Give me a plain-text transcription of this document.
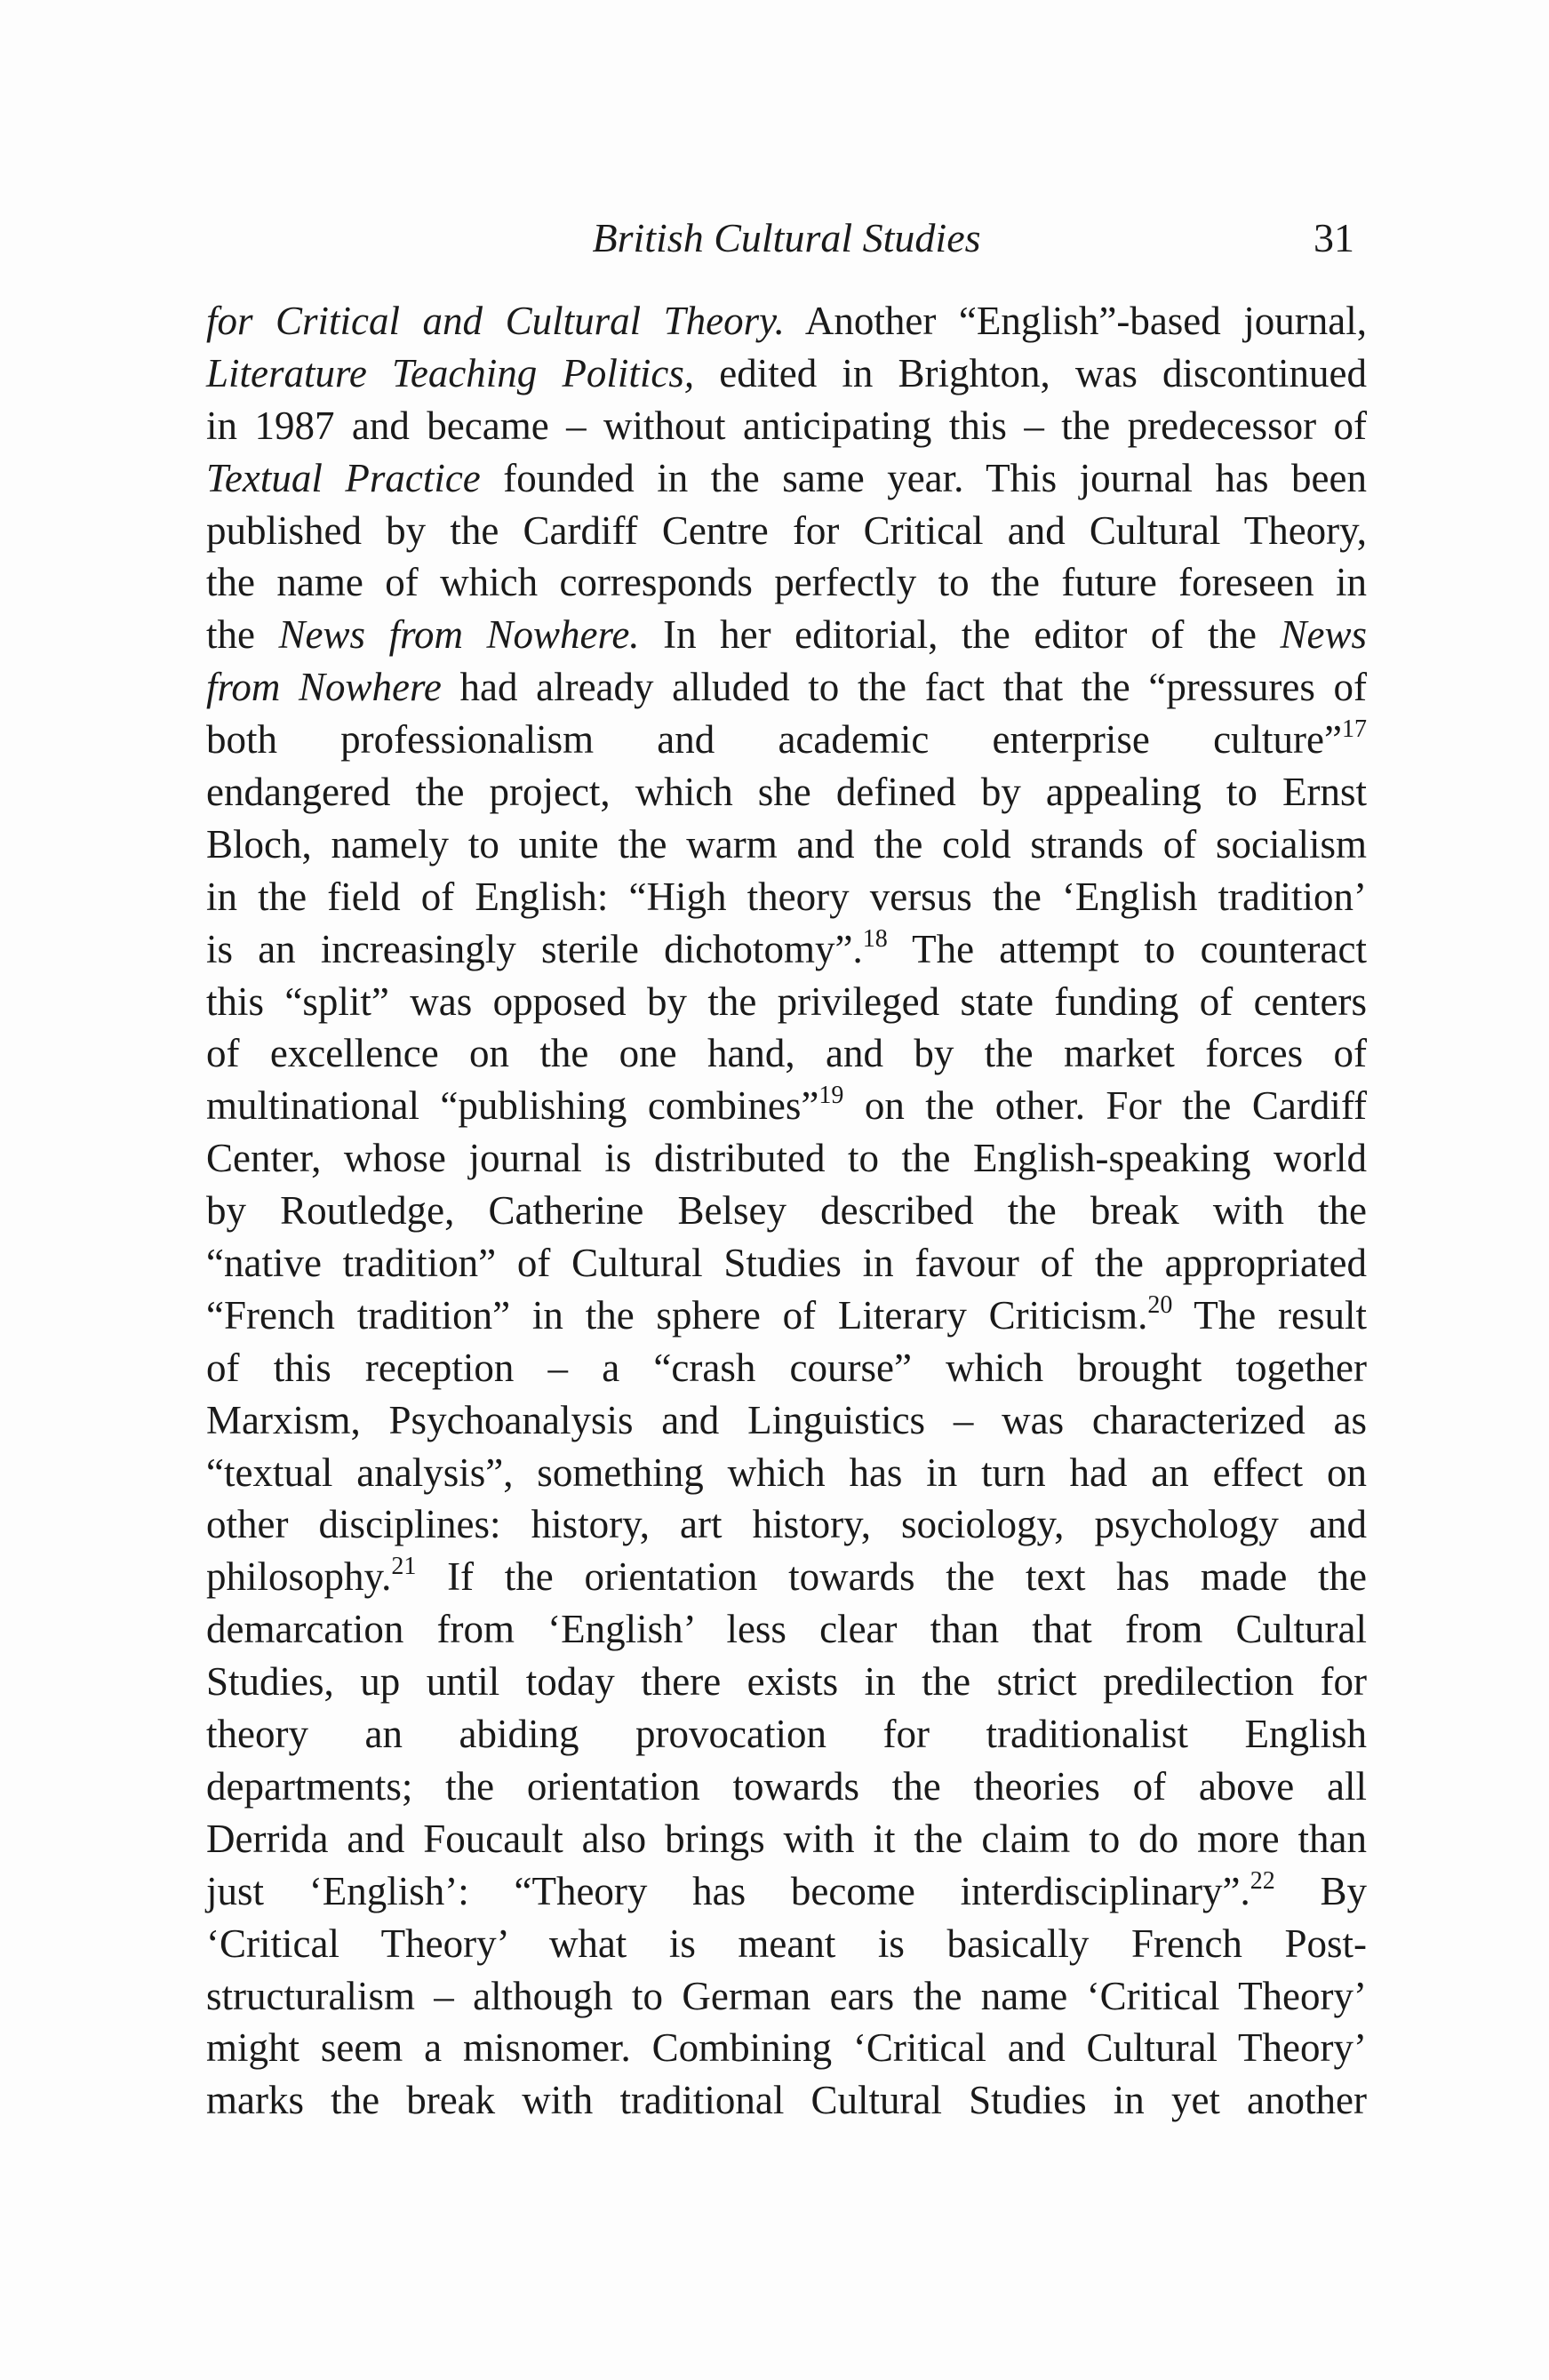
British Cultural Studies	31
for Critical and Cultural Theory. Another “English”-based journal,
Literature Teaching Politics, edited in Brighton, was discontinued
in 1987 and became – without anticipating this – the predecessor of
Textual Practice founded in the same year. This journal has been
published by the Cardiff Centre for Critical and Cultural Theory,
the name of which corresponds perfectly to the future foreseen in
the News from Nowhere. In her editorial, the editor of the News
from Nowhere had already alluded to the fact that the “pressures of
both professionalism and academic enterprise culture”$^{17}$
endangered the project, which she defined by appealing to Ernst
Bloch, namely to unite the warm and the cold strands of socialism
in the field of English: “High theory versus the ‘English tradition’
is an increasingly sterile dichotomy”.$^{18}$ The attempt to counteract
this “split” was opposed by the privileged state funding of centers
of excellence on the one hand, and by the market forces of
multinational “publishing combines”$^{19}$ on the other. For the Cardiff
Center, whose journal is distributed to the English-speaking world
by Routledge, Catherine Belsey described the break with the
“native tradition” of Cultural Studies in favour of the appropriated
“French tradition” in the sphere of Literary Criticism.$^{20}$ The result
of this reception – a “crash course” which brought together
Marxism, Psychoanalysis and Linguistics – was characterized as
“textual analysis”, something which has in turn had an effect on
other disciplines: history, art history, sociology, psychology and
philosophy.$^{21}$ If the orientation towards the text has made the
demarcation from ‘English’ less clear than that from Cultural
Studies, up until today there exists in the strict predilection for
theory an abiding provocation for traditionalist English
departments; the orientation towards the theories of above all
Derrida and Foucault also brings with it the claim to do more than
just ‘English’: “Theory has become interdisciplinary”.$^{22}$ By
‘Critical Theory’ what is meant is basically French Post-
structuralism – although to German ears the name ‘Critical Theory’
might seem a misnomer. Combining ‘Critical and Cultural Theory’
marks the break with traditional Cultural Studies in yet another
